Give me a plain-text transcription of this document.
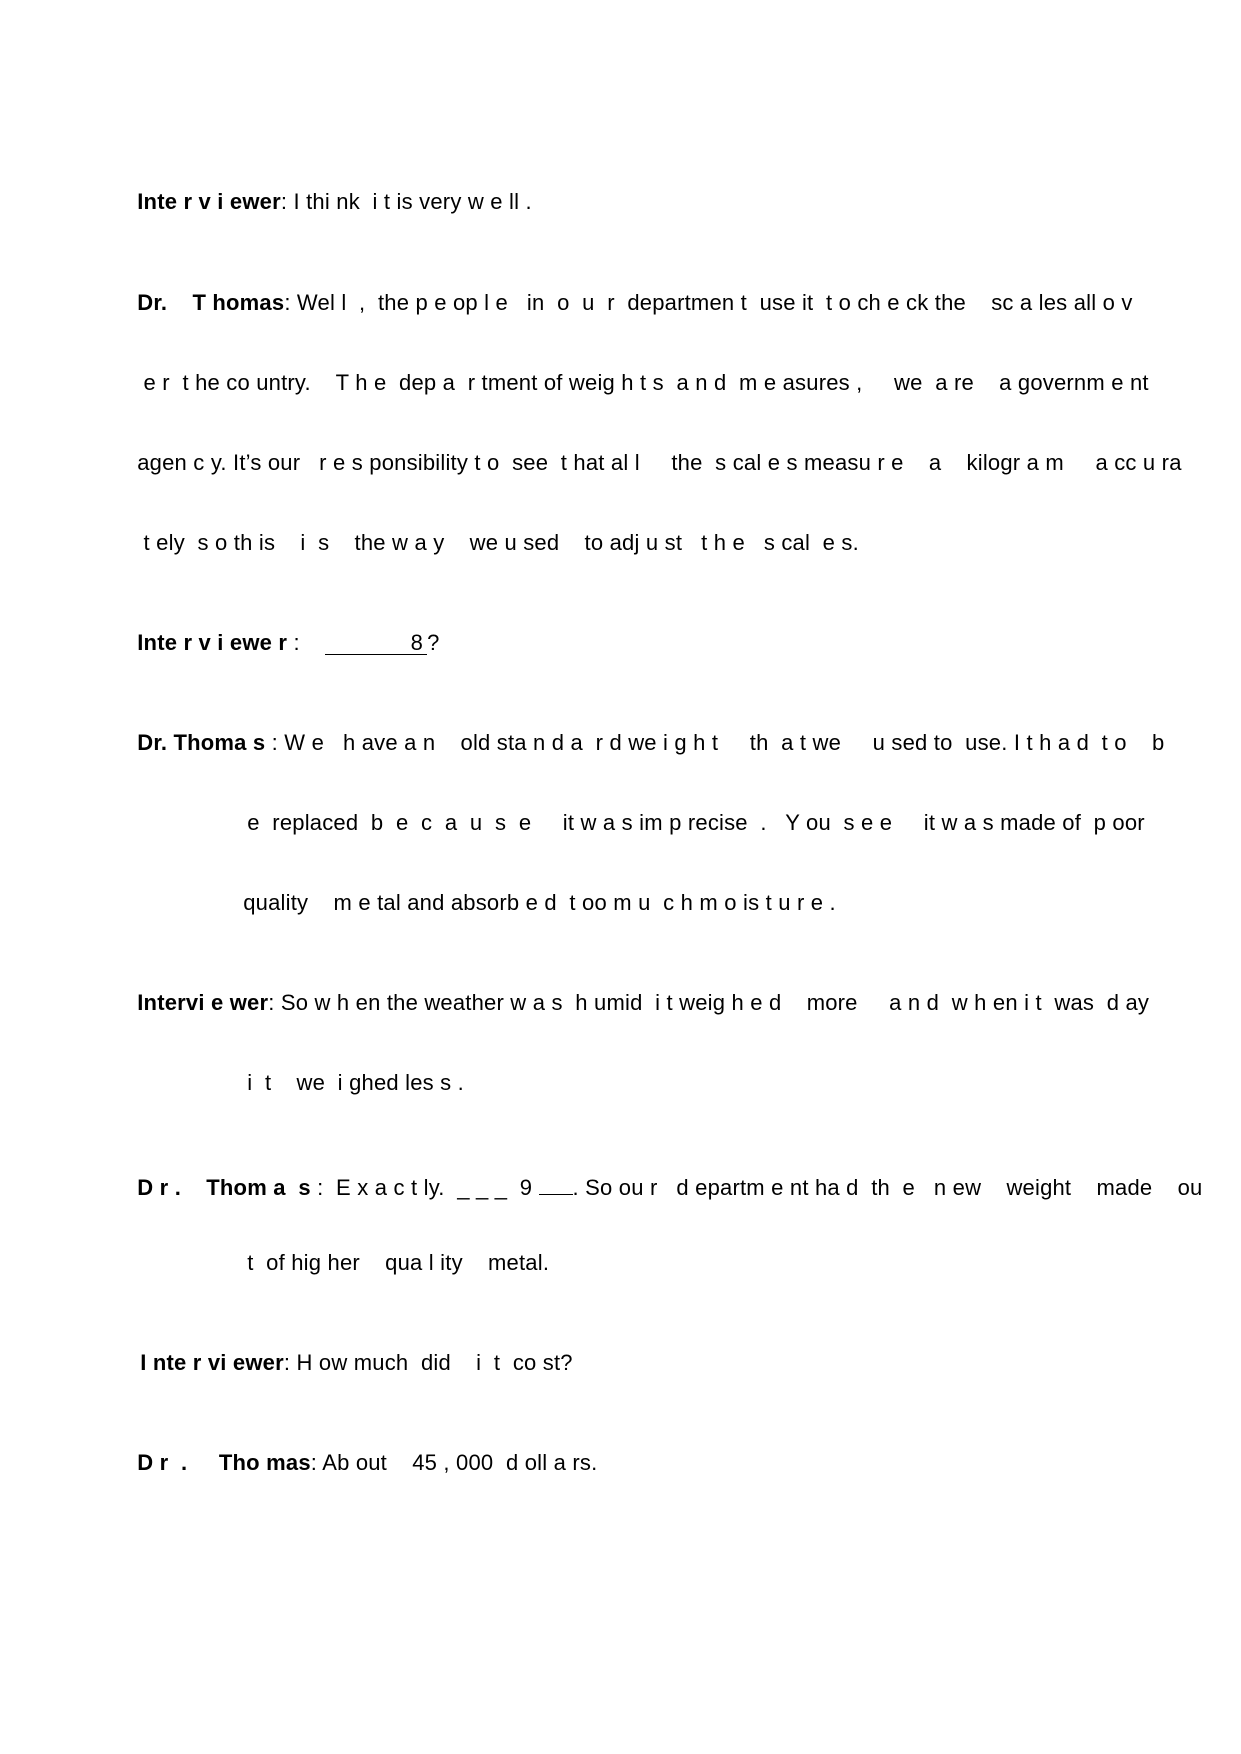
Inte r v i ewer: I thi nk  i t is very w e ll .

Dr.    T homas: Wel l  ,  the p e op l e   in  o  u  r  departmen t  use it  t o ch e ck the    sc a les all o v

e r  t he co untry.    T h e  dep a  r tment of weig h t s  a n d  m e asures ,     we  a re    a governm e nt

agen c y. It’s our   r e s ponsibility t o  see  t hat al l     the  s cal e s measu r e    a    kilogr a m     a cc u ra

t ely  s o th is    i  s    the w a y    we u sed    to adj u st   t h e   s cal  e s.

Inte r v i ewe r :	8 ?

Dr. Thoma s : W e   h ave a n    old sta n d a  r d we i g h t     th  a t we     u sed to  use. I t h a d  t o    b

e  replaced  b  e  c  a  u  s  e     it w a s im p recise  .   Y ou  s e e     it w a s made of  p oor

quality    m e tal and absorb e d  t oo m u  c h m o is t u r e .

Intervi e wer: So w h en the weather w a s  h umid  i t weig h e d    more     a n d  w h en i t  was  d ay

i  t    we  i ghed les s .

D r .    Thom a  s :  E x a c t ly.  _ _ _  9 . So ou r   d epartm e nt ha d  th  e   n ew    weight    made    ou

t  of hig her    qua l ity    metal.

I nte r vi ewer: H ow much  did    i  t  co st?

D r  .     Tho mas: Ab out    45 , 000  d oll a rs.
